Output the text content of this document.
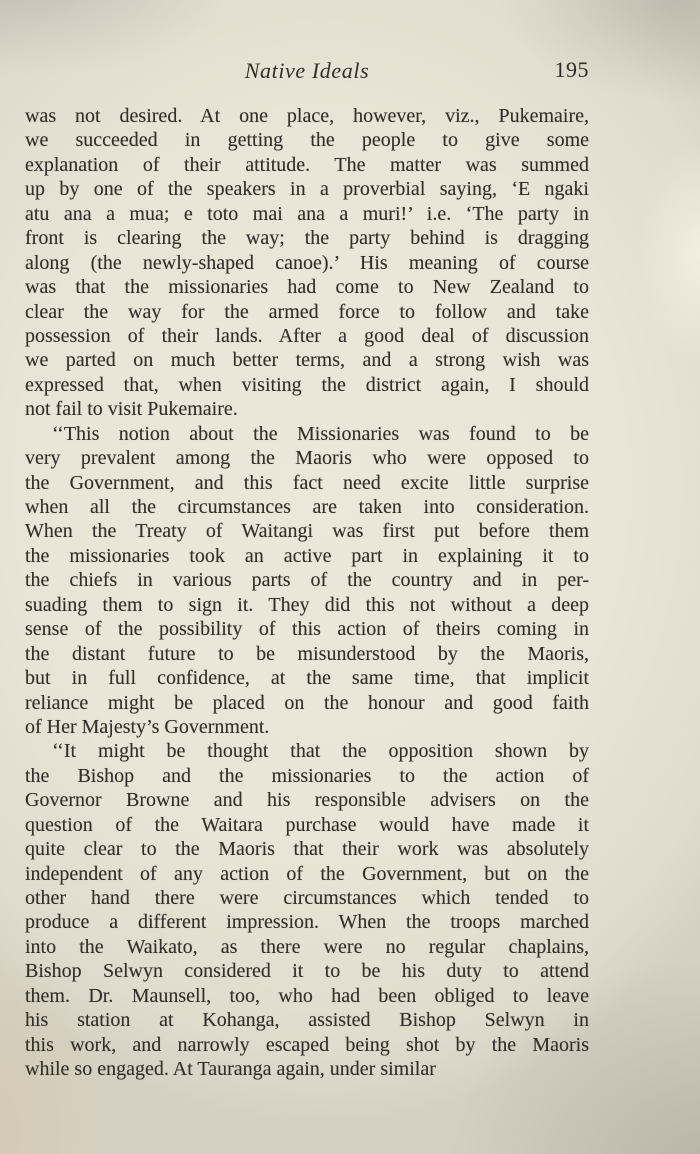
Native Ideals	195
was not desired. At one place, however, viz., Pukemaire,
we succeeded in getting the people to give some
explanation of their attitude. The matter was summed
up by one of the speakers in a proverbial saying, ‘E ngaki
atu ana a mua; e toto mai ana a muri!’ i.e. ‘The party in
front is clearing the way; the party behind is dragging
along (the newly-shaped canoe).’ His meaning of course
was that the missionaries had come to New Zealand to
clear the way for the armed force to follow and take
possession of their lands. After a good deal of discussion
we parted on much better terms, and a strong wish was
expressed that, when visiting the district again, I should
not fail to visit Pukemaire.
‘‘This notion about the Missionaries was found to be
very prevalent among the Maoris who were opposed to
the Government, and this fact need excite little surprise
when all the circumstances are taken into consideration.
When the Treaty of Waitangi was first put before them
the missionaries took an active part in explaining it to
the chiefs in various parts of the country and in per-
suading them to sign it. They did this not without a deep
sense of the possibility of this action of theirs coming in
the distant future to be misunderstood by the Maoris,
but in full confidence, at the same time, that implicit
reliance might be placed on the honour and good faith
of Her Majesty’s Government.
‘‘It might be thought that the opposition shown by
the Bishop and the missionaries to the action of
Governor Browne and his responsible advisers on the
question of the Waitara purchase would have made it
quite clear to the Maoris that their work was absolutely
independent of any action of the Government, but on the
other hand there were circumstances which tended to
produce a different impression. When the troops marched
into the Waikato, as there were no regular chaplains,
Bishop Selwyn considered it to be his duty to attend
them. Dr. Maunsell, too, who had been obliged to leave
his station at Kohanga, assisted Bishop Selwyn in
this work, and narrowly escaped being shot by the Maoris
while so engaged. At Tauranga again, under similar
